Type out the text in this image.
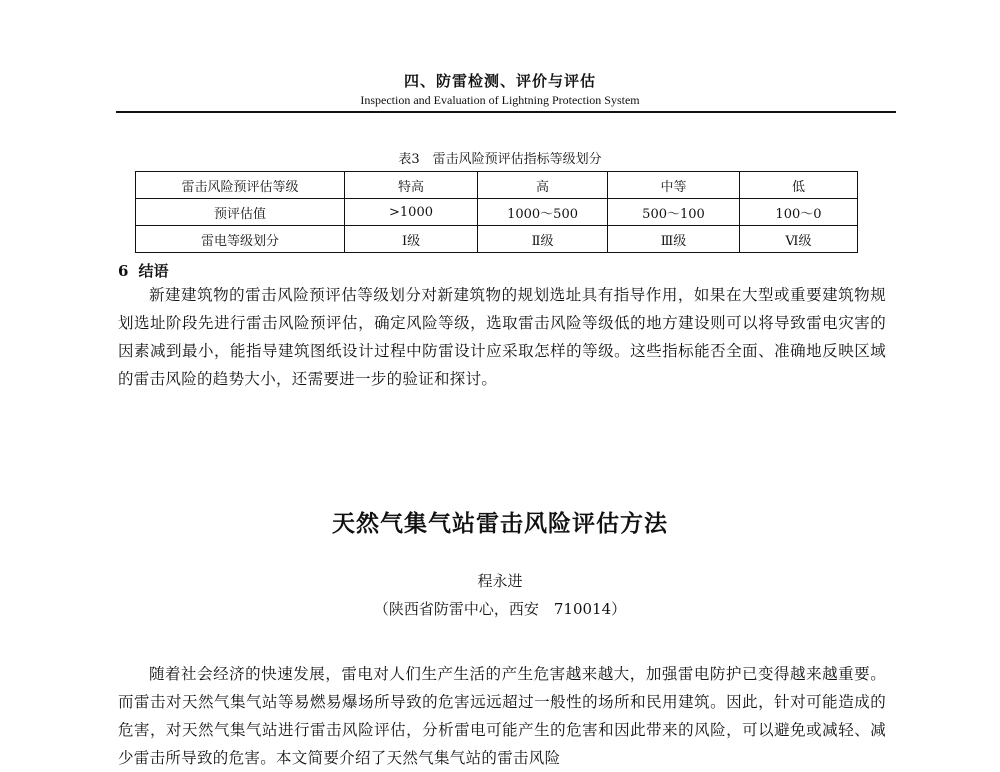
四、防雷检测、评价与评估
Inspection and Evaluation of Lightning Protection System
表3　雷击风险预评估指标等级划分
雷击风险预评估等级	特高	高	中等	低
预评估值	>1000	1000～500	500～100	100～0
雷电等级划分	Ⅰ级	Ⅱ级	Ⅲ级	Ⅵ级
6 结语
新建建筑物的雷击风险预评估等级划分对新建筑物的规划选址具有指导作用，如果在大型或重要建筑物规划选址阶段先进行雷击风险预评估，确定风险等级，选取雷击风险等级低的地方建设则可以将导致雷电灾害的因素减到最小，能指导建筑图纸设计过程中防雷设计应采取怎样的等级。这些指标能否全面、准确地反映区域的雷击风险的趋势大小，还需要进一步的验证和探讨。
天然气集气站雷击风险评估方法
程永进
（陕西省防雷中心，西安　710014）
随着社会经济的快速发展，雷电对人们生产生活的产生危害越来越大，加强雷电防护已变得越来越重要。而雷击对天然气集气站等易燃易爆场所导致的危害远远超过一般性的场所和民用建筑。因此，针对可能造成的危害，对天然气集气站进行雷击风险评估，分析雷电可能产生的危害和因此带来的风险，可以避免或减轻、减少雷击所导致的危害。本文简要介绍了天然气集气站的雷击风险
